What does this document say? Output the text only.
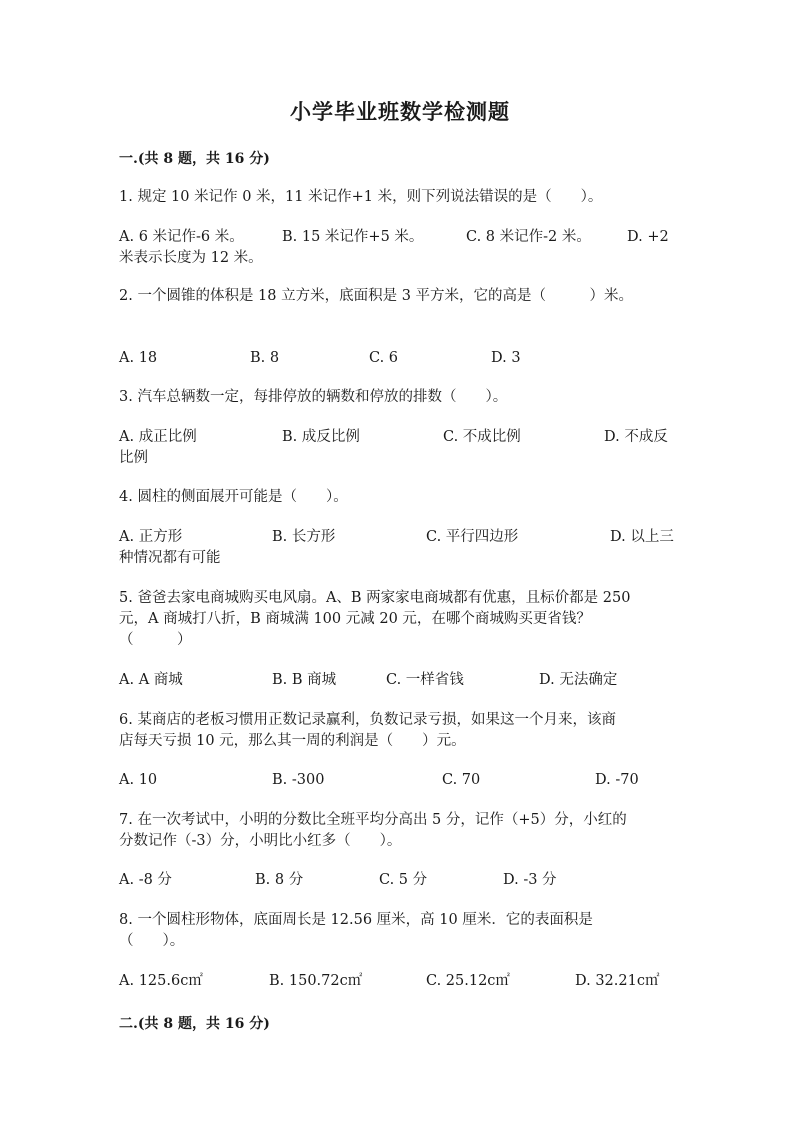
小学毕业班数学检测题
一.(共 8 题，共 16 分)
1. 规定 10 米记作 0 米，11 米记作+1 米，则下列说法错误的是（　　）。
A. 6 米记作-6 米。	B. 15 米记作+5 米。	C. 8 米记作-2 米。 D. +2
米表示长度为 12 米。
2. 一个圆锥的体积是 18 立方米，底面积是 3 平方米，它的高是（　　　）米。
A. 18	B. 8	C. 6	D. 3
3. 汽车总辆数一定，每排停放的辆数和停放的排数（　　）。
A. 成正比例	B. 成反比例	C. 不成比例	D. 不成反
比例
4. 圆柱的侧面展开可能是（　　）。
A. 正方形	B. 长方形	C. 平行四边形	D. 以上三
种情况都有可能
5. 爸爸去家电商城购买电风扇。A、B 两家家电商城都有优惠，且标价都是 250
元，A 商城打八折，B 商城满 100 元减 20 元，在哪个商城购买更省钱？
（　　　）
A. A 商城	B. B 商城	C. 一样省钱	D. 无法确定
6. 某商店的老板习惯用正数记录赢利，负数记录亏损，如果这一个月来，该商
店每天亏损 10 元，那么其一周的利润是（　　）元。
A. 10	B. -300	C. 70	D. -70
7. 在一次考试中，小明的分数比全班平均分高出 5 分，记作（+5）分，小红的
分数记作（-3）分，小明比小红多（　　）。
A. -8 分	B. 8 分	C. 5 分	D. -3 分
8. 一个圆柱形物体，底面周长是 12.56 厘米，高 10 厘米．它的表面积是
（　　）。
A. 125.6c㎡	B. 150.72c㎡	C. 25.12c㎡	D. 32.21c㎡
二.(共 8 题，共 16 分)
